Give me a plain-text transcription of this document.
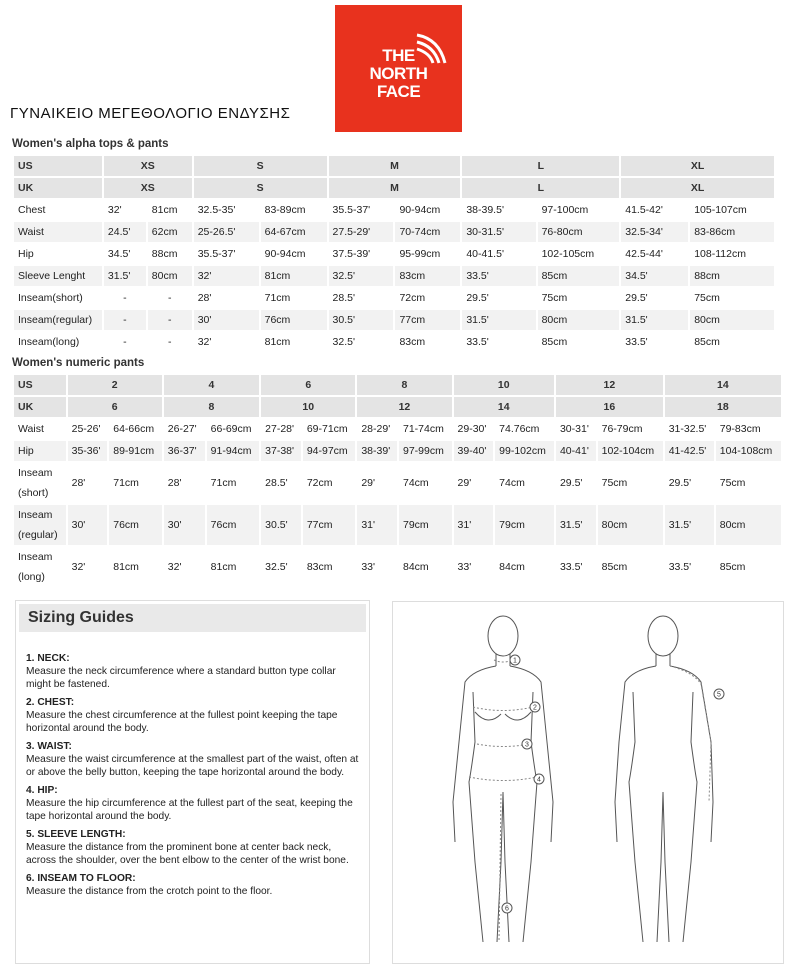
THE
NORTH
FACE
ΓΥΝΑΙΚΕΙΟ ΜΕΓΕΘΟΛΟΓΙΟ ΕΝΔΥΣΗΣ
Women's alpha tops & pants
US	XS		S		M		L		XL	
UK	XS		S		M		L		XL	
Chest	32'	81cm	32.5-35'	83-89cm	35.5-37'	90-94cm	38-39.5'	97-100cm	41.5-42'	105-107cm
Waist	24.5'	62cm	25-26.5'	64-67cm	27.5-29'	70-74cm	30-31.5'	76-80cm	32.5-34'	83-86cm
Hip	34.5'	88cm	35.5-37'	90-94cm	37.5-39'	95-99cm	40-41.5'	102-105cm	42.5-44'	108-112cm
Sleeve Lenght	31.5'	80cm	32'	81cm	32.5'	83cm	33.5'	85cm	34.5'	88cm
Inseam(short)	-	-	28'	71cm	28.5'	72cm	29.5'	75cm	29.5'	75cm
Inseam(regular)	-	-	30'	76cm	30.5'	77cm	31.5'	80cm	31.5'	80cm
Inseam(long)	-	-	32'	81cm	32.5'	83cm	33.5'	85cm	33.5'	85cm
Women's numeric pants
US	2		4		6		8		10		12		14	
UK	6		8		10		12		14		16		18	
Waist	25-26'	64-66cm	26-27'	66-69cm	27-28'	69-71cm	28-29'	71-74cm	29-30'	74.76cm	30-31'	76-79cm	31-32.5'	79-83cm
Hip	35-36'	89-91cm	36-37'	91-94cm	37-38'	94-97cm	38-39'	97-99cm	39-40'	99-102cm	40-41'	102-104cm	41-42.5'	104-108cm
Inseam
(short)	28'	71cm	28'	71cm	28.5'	72cm	29'	74cm	29'	74cm	29.5'	75cm	29.5'	75cm
Inseam
(regular)	30'	76cm	30'	76cm	30.5'	77cm	31'	79cm	31'	79cm	31.5'	80cm	31.5'	80cm
Inseam
(long)	32'	81cm	32'	81cm	32.5'	83cm	33'	84cm	33'	84cm	33.5'	85cm	33.5'	85cm
Sizing Guides
1. NECK:
Measure the neck circumference where a standard button type collar might be fastened.
2. CHEST:
Measure the chest circumference at the fullest point keeping the tape horizontal around the body.
3. WAIST:
Measure the waist circumference at the smallest part of the waist, often at or above the belly button, keeping the tape horizontal around the body.
4. HIP:
Measure the hip circumference at the fullest part of the seat, keeping the tape horizontal around the body.
5. SLEEVE LENGTH:
Measure the distance from the prominent bone at center back neck, across the shoulder, over the bent elbow to the center of the wrist bone.
6. INSEAM TO FLOOR:
Measure the distance from the crotch point to the floor.
1
2
3
4
5
6
